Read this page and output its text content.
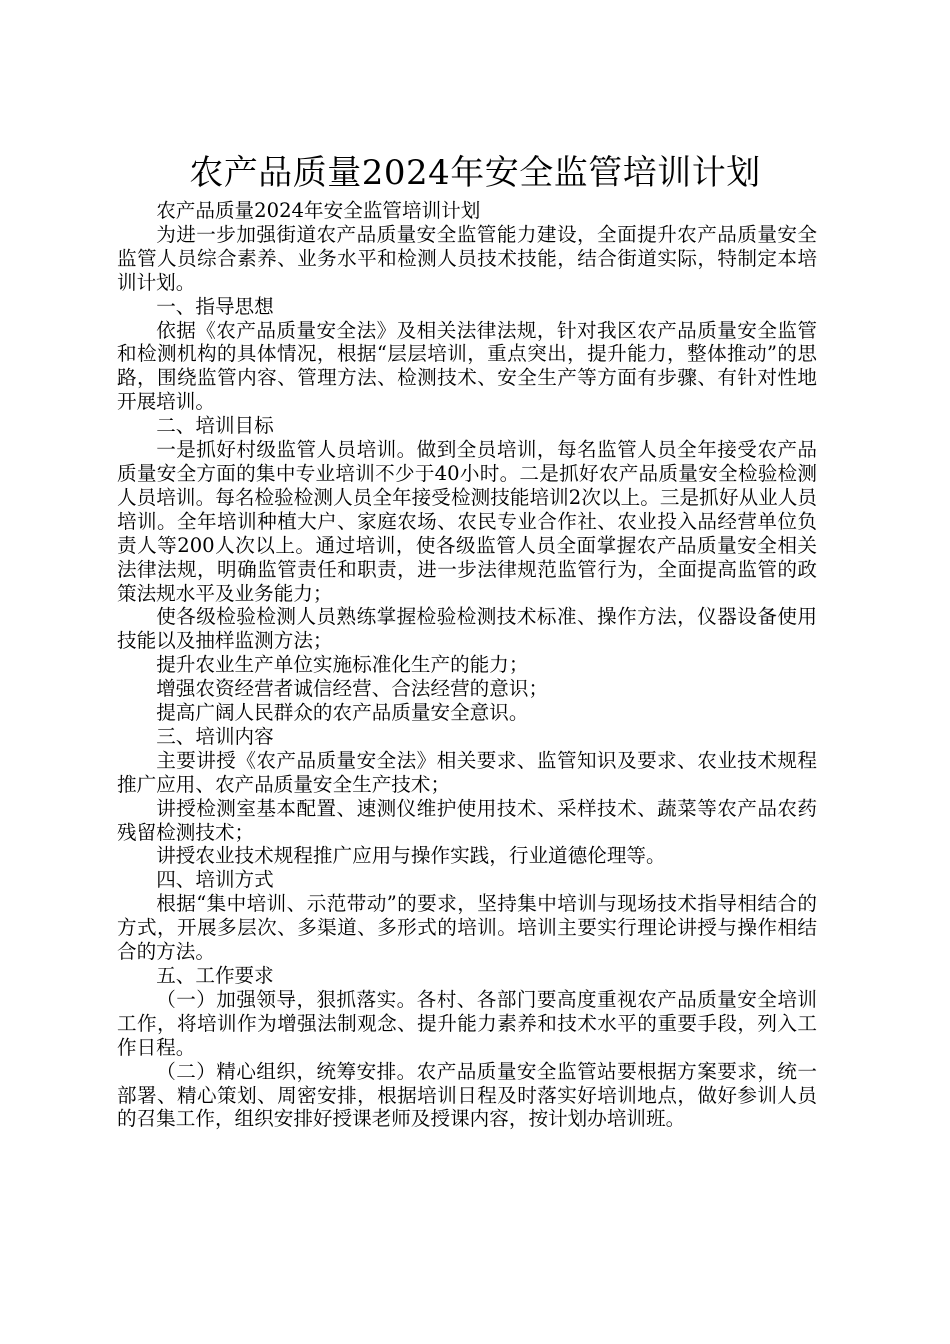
农产品质量2024年安全监管培训计划

农产品质量2024年安全监管培训计划

为进一步加强街道农产品质量安全监管能力建设，全面提升农产品质量安全监管人员综合素养、业务水平和检测人员技术技能，结合街道实际，特制定本培训计划。

一、指导思想

依据《农产品质量安全法》及相关法律法规，针对我区农产品质量安全监管和检测机构的具体情况，根据“层层培训，重点突出，提升能力，整体推动”的思路，围绕监管内容、管理方法、检测技术、安全生产等方面有步骤、有针对性地开展培训。

二、培训目标

一是抓好村级监管人员培训。做到全员培训，每名监管人员全年接受农产品质量安全方面的集中专业培训不少于40小时。二是抓好农产品质量安全检验检测人员培训。每名检验检测人员全年接受检测技能培训2次以上。三是抓好从业人员培训。全年培训种植大户、家庭农场、农民专业合作社、农业投入品经营单位负责人等200人次以上。通过培训，使各级监管人员全面掌握农产品质量安全相关法律法规，明确监管责任和职责，进一步法律规范监管行为，全面提高监管的政策法规水平及业务能力；

使各级检验检测人员熟练掌握检验检测技术标准、操作方法，仪器设备使用技能以及抽样监测方法；

提升农业生产单位实施标准化生产的能力；

增强农资经营者诚信经营、合法经营的意识；

提高广阔人民群众的农产品质量安全意识。

三、培训内容

主要讲授《农产品质量安全法》相关要求、监管知识及要求、农业技术规程推广应用、农产品质量安全生产技术；

讲授检测室基本配置、速测仪维护使用技术、采样技术、蔬菜等农产品农药残留检测技术；

讲授农业技术规程推广应用与操作实践，行业道德伦理等。

四、培训方式

根据“集中培训、示范带动”的要求，坚持集中培训与现场技术指导相结合的方式，开展多层次、多渠道、多形式的培训。培训主要实行理论讲授与操作相结合的方法。

五、工作要求

（一）加强领导，狠抓落实。各村、各部门要高度重视农产品质量安全培训工作，将培训作为增强法制观念、提升能力素养和技术水平的重要手段，列入工作日程。

（二）精心组织，统筹安排。农产品质量安全监管站要根据方案要求，统一部署、精心策划、周密安排，根据培训日程及时落实好培训地点，做好参训人员的召集工作，组织安排好授课老师及授课内容，按计划办培训班。
